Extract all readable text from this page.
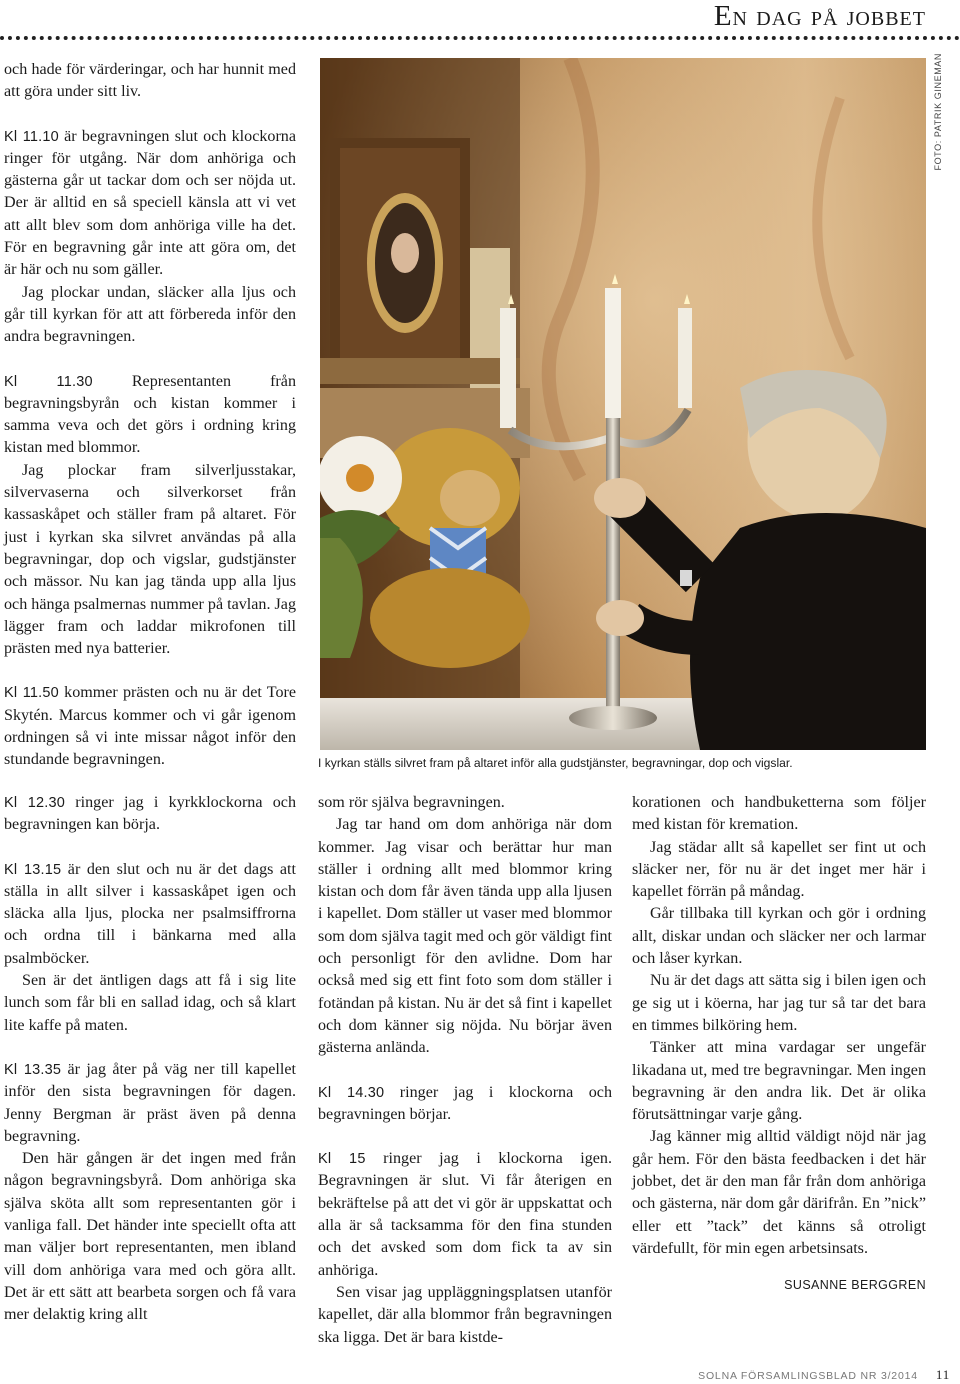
En dag på jobbet

och hade för värderingar, och har hunnit med att göra under sitt liv.

Kl 11.10 är begravningen slut och klockorna ringer för utgång. När dom anhöriga och gästerna går ut tackar dom och ser nöjda ut. Der är alltid en så speciell känsla att vi vet att allt blev som dom anhöriga ville ha det. För en begravning går inte att göra om, det är här och nu som gäller.

Jag plockar undan, släcker alla ljus och går till kyrkan för att att förbereda inför den andra begravningen.

Kl 11.30 Representanten från begravningsbyrån och kistan kommer i samma veva och det görs i ordning kring kistan med blommor.

Jag plockar fram silverljusstakar, silvervaserna och silverkorset från kassaskåpet och ställer fram på altaret. För just i kyrkan ska silvret användas på alla begravningar, dop och vigslar, gudstjänster och mässor. Nu kan jag tända upp alla ljus och hänga psalmernas nummer på tavlan. Jag lägger fram och laddar mikrofonen till prästen med nya batterier.

Kl 11.50 kommer prästen och nu är det Tore Skytén. Marcus kommer och vi går igenom ordningen så vi inte missar något inför den stundande begravningen.

Kl 12.30 ringer jag i kyrkklockorna och begravningen kan börja.

Kl 13.15 är den slut och nu är det dags att ställa in allt silver i kassaskåpet igen och släcka alla ljus, plocka ner psalmsiffrorna och ordna till i bänkarna med alla psalmböcker.

Sen är det äntligen dags att få i sig lite lunch som får bli en sallad idag, och så klart lite kaffe på maten.

Kl 13.35 är jag åter på väg ner till kapellet inför den sista begravningen för dagen. Jenny Bergman är präst även på denna begravning.

Den här gången är det ingen med från någon begravningsbyrå. Dom anhöriga ska själva sköta allt som representanten gör i vanliga fall. Det händer inte speciellt ofta att man väljer bort representanten, men ibland vill dom anhöriga vara med och göra allt. Det är ett sätt att bearbeta sorgen och få vara mer delaktig kring allt

som rör själva begravningen.

Jag tar hand om dom anhöriga när dom kommer. Jag visar och berättar hur man ställer i ordning allt med blommor kring kistan och dom får även tända upp alla ljusen i kapellet. Dom ställer ut vaser med blommor som dom själva tagit med och gör väldigt fint och personligt för den avlidne. Dom har också med sig ett fint foto som dom ställer i fotändan på kistan. Nu är det så fint i kapellet och dom känner sig nöjda. Nu börjar även gästerna anlända.

Kl 14.30 ringer jag i klockorna och begravningen börjar.

Kl 15 ringer jag i klockorna igen. Begravningen är slut. Vi får återigen en bekräftelse på att det vi gör är uppskattat och alla är så tacksamma för den fina stunden och det avsked som dom fick ta av sin anhöriga.

Sen visar jag uppläggningsplatsen utanför kapellet, där alla blommor från begravningen ska ligga. Det är bara kistde-

korationen och handbuketterna som följer med kistan för kremation.

Jag städar allt så kapellet ser fint ut och släcker ner, för nu är det inget mer här i kapellet förrän på måndag.

Går tillbaka till kyrkan och gör i ordning allt, diskar undan och släcker ner och larmar och låser kyrkan.

Nu är det dags att sätta sig i bilen igen och ge sig ut i köerna, har jag tur så tar det bara en timmes bilköring hem.

Tänker att mina vardagar ser ungefär likadana ut, med tre begravningar. Men ingen begravning är den andra lik. Det är olika förutsättningar varje gång.

Jag känner mig alltid väldigt nöjd när jag går hem. För den bästa feedbacken i det här jobbet, det är den man får från dom anhöriga och gästerna, när dom går därifrån. En ”nick” eller ett ”tack” det känns så otroligt värdefullt, för min egen arbetsinsats.

SUSANNE BERGGREN
FOTO: PATRIK GINEMAN
I kyrkan ställs silvret fram på altaret inför alla gudstjänster, begravningar, dop och vigslar.
SOLNA FÖRSAMLINGSBLAD NR 3/2014 11
